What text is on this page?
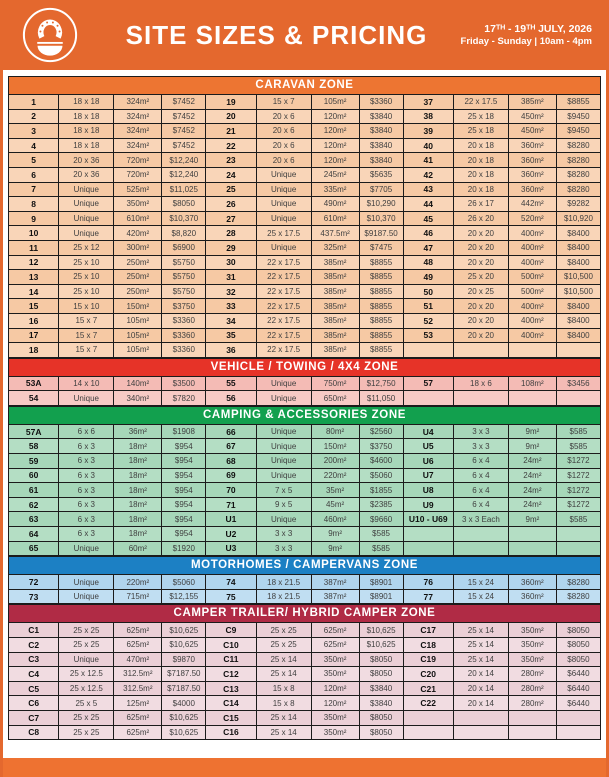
SITE SIZES & PRICING	17ᵀᴴ - 19ᵀᴴ JULY, 2026
Friday - Sunday | 10am - 4pm
CARAVAN ZONE
1	18 x 18	324m²	$7452	19	15 x 7	105m²	$3360	37	22 x 17.5	385m²	$8855
2	18 x 18	324m²	$7452	20	20 x 6	120m²	$3840	38	25 x 18	450m²	$9450
3	18 x 18	324m²	$7452	21	20 x 6	120m²	$3840	39	25 x 18	450m²	$9450
4	18 x 18	324m²	$7452	22	20 x 6	120m²	$3840	40	20 x 18	360m²	$8280
5	20 x 36	720m²	$12,240	23	20 x 6	120m²	$3840	41	20 x 18	360m²	$8280
6	20 x 36	720m²	$12,240	24	Unique	245m²	$5635	42	20 x 18	360m²	$8280
7	Unique	525m²	$11,025	25	Unique	335m²	$7705	43	20 x 18	360m²	$8280
8	Unique	350m²	$8050	26	Unique	490m²	$10,290	44	26 x 17	442m²	$9282
9	Unique	610m²	$10,370	27	Unique	610m²	$10,370	45	26 x 20	520m²	$10,920
10	Unique	420m²	$8,820	28	25 x 17.5	437.5m²	$9187.50	46	20 x 20	400m²	$8400
11	25 x 12	300m²	$6900	29	Unique	325m²	$7475	47	20 x 20	400m²	$8400
12	25 x 10	250m²	$5750	30	22 x 17.5	385m²	$8855	48	20 x 20	400m²	$8400
13	25 x 10	250m²	$5750	31	22 x 17.5	385m²	$8855	49	25 x 20	500m²	$10,500
14	25 x 10	250m²	$5750	32	22 x 17.5	385m²	$8855	50	20 x 25	500m²	$10,500
15	15 x 10	150m²	$3750	33	22 x 17.5	385m²	$8855	51	20 x 20	400m²	$8400
16	15 x 7	105m²	$3360	34	22 x 17.5	385m²	$8855	52	20 x 20	400m²	$8400
17	15 x 7	105m²	$3360	35	22 x 17.5	385m²	$8855	53	20 x 20	400m²	$8400
18	15 x 7	105m²	$3360	36	22 x 17.5	385m²	$8855				
VEHICLE / TOWING / 4X4 ZONE
53A	14 x 10	140m²	$3500	55	Unique	750m²	$12,750	57	18 x 6	108m²	$3456
54	Unique	340m²	$7820	56	Unique	650m²	$11,050				
CAMPING & ACCESSORIES ZONE
57A	6 x 6	36m²	$1908	66	Unique	80m²	$2560	U4	3 x 3	9m²	$585
58	6 x 3	18m²	$954	67	Unique	150m²	$3750	U5	3 x 3	9m²	$585
59	6 x 3	18m²	$954	68	Unique	200m²	$4600	U6	6 x 4	24m²	$1272
60	6 x 3	18m²	$954	69	Unique	220m²	$5060	U7	6 x 4	24m²	$1272
61	6 x 3	18m²	$954	70	7 x 5	35m²	$1855	U8	6 x 4	24m²	$1272
62	6 x 3	18m²	$954	71	9 x 5	45m²	$2385	U9	6 x 4	24m²	$1272
63	6 x 3	18m²	$954	U1	Unique	460m²	$9660	U10 - U69	3 x 3 Each	9m²	$585
64	6 x 3	18m²	$954	U2	3 x 3	9m²	$585				
65	Unique	60m²	$1920	U3	3 x 3	9m²	$585				
MOTORHOMES / CAMPERVANS ZONE
72	Unique	220m²	$5060	74	18 x 21.5	387m²	$8901	76	15 x 24	360m²	$8280
73	Unique	715m²	$12,155	75	18 x 21.5	387m²	$8901	77	15 x 24	360m²	$8280
CAMPER TRAILER/ HYBRID CAMPER ZONE
C1	25 x 25	625m²	$10,625	C9	25 x 25	625m²	$10,625	C17	25 x 14	350m²	$8050
C2	25 x 25	625m²	$10,625	C10	25 x 25	625m²	$10,625	C18	25 x 14	350m²	$8050
C3	Unique	470m²	$9870	C11	25 x 14	350m²	$8050	C19	25 x 14	350m²	$8050
C4	25 x 12.5	312.5m²	$7187.50	C12	25 x 14	350m²	$8050	C20	20 x 14	280m²	$6440
C5	25 x 12.5	312.5m²	$7187.50	C13	15 x 8	120m²	$3840	C21	20 x 14	280m²	$6440
C6	25 x 5	125m²	$4000	C14	15 x 8	120m²	$3840	C22	20 x 14	280m²	$6440
C7	25 x 25	625m²	$10,625	C15	25 x 14	350m²	$8050				
C8	25 x 25	625m²	$10,625	C16	25 x 14	350m²	$8050				
